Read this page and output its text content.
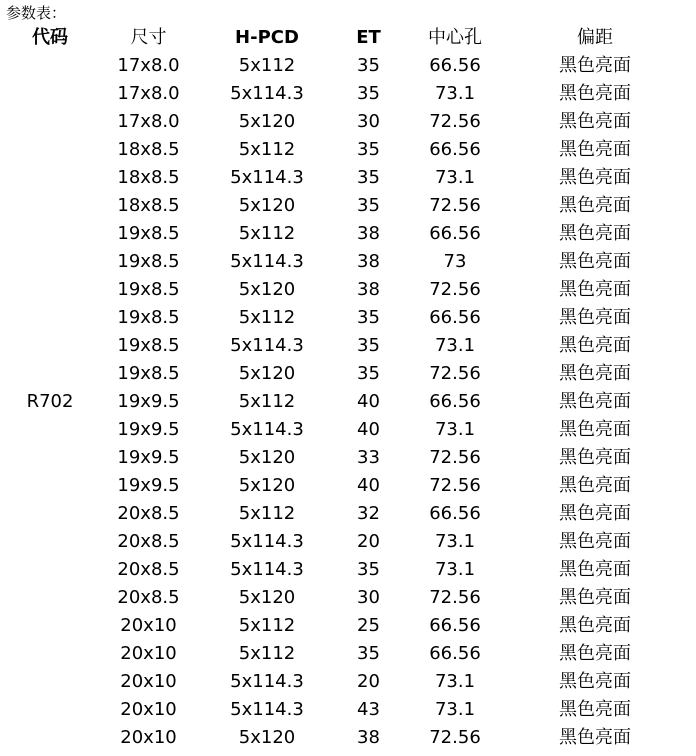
参数表：
代码	尺寸	H-PCD	ET	中心孔	偏距
R702	17x8.0	5x112	35	66.56	黑色亮面
	17x8.0	5x114.3	35	73.1	黑色亮面
	17x8.0	5x120	30	72.56	黑色亮面
	18x8.5	5x112	35	66.56	黑色亮面
	18x8.5	5x114.3	35	73.1	黑色亮面
	18x8.5	5x120	35	72.56	黑色亮面
	19x8.5	5x112	38	66.56	黑色亮面
	19x8.5	5x114.3	38	73	黑色亮面
	19x8.5	5x120	38	72.56	黑色亮面
	19x8.5	5x112	35	66.56	黑色亮面
	19x8.5	5x114.3	35	73.1	黑色亮面
	19x8.5	5x120	35	72.56	黑色亮面
	19x9.5	5x112	40	66.56	黑色亮面
	19x9.5	5x114.3	40	73.1	黑色亮面
	19x9.5	5x120	33	72.56	黑色亮面
	19x9.5	5x120	40	72.56	黑色亮面
	20x8.5	5x112	32	66.56	黑色亮面
	20x8.5	5x114.3	20	73.1	黑色亮面
	20x8.5	5x114.3	35	73.1	黑色亮面
	20x8.5	5x120	30	72.56	黑色亮面
	20x10	5x112	25	66.56	黑色亮面
	20x10	5x112	35	66.56	黑色亮面
	20x10	5x114.3	20	73.1	黑色亮面
	20x10	5x114.3	43	73.1	黑色亮面
	20x10	5x120	38	72.56	黑色亮面
